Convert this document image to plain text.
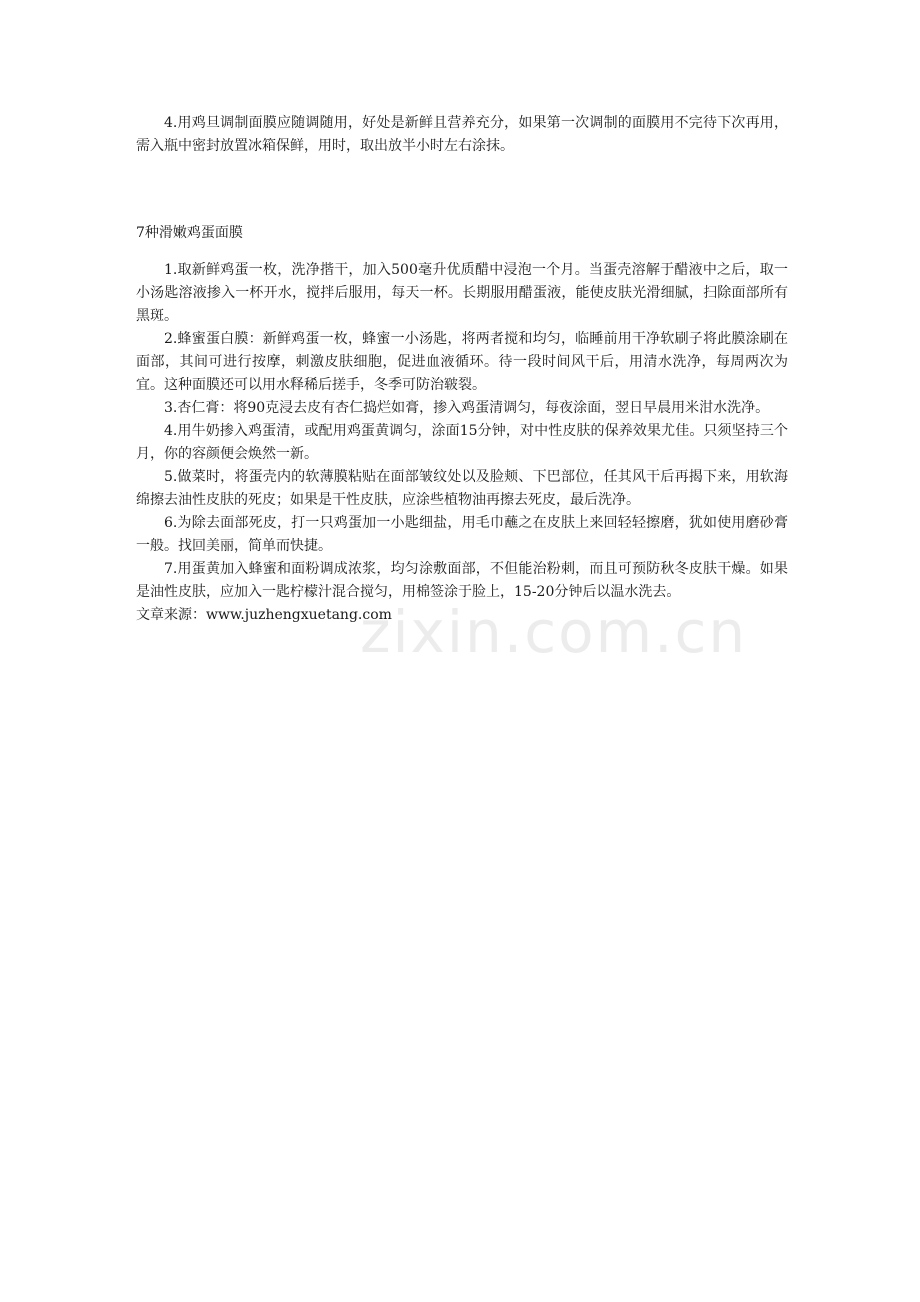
4.用鸡旦调制面膜应随调随用，好处是新鲜且营养充分，如果第一次调制的面膜用不完待下次再用，需入瓶中密封放置冰箱保鲜，用时，取出放半小时左右涂抹。

7种滑嫩鸡蛋面膜

1.取新鲜鸡蛋一枚，洗净揩干，加入500毫升优质醋中浸泡一个月。当蛋壳溶解于醋液中之后，取一小汤匙溶液掺入一杯开水，搅拌后服用，每天一杯。长期服用醋蛋液，能使皮肤光滑细腻，扫除面部所有黑斑。

2.蜂蜜蛋白膜：新鲜鸡蛋一枚，蜂蜜一小汤匙，将两者搅和均匀，临睡前用干净软刷子将此膜涂刷在面部，其间可进行按摩，刺激皮肤细胞，促进血液循环。待一段时间风干后，用清水洗净，每周两次为宜。这种面膜还可以用水释稀后搓手，冬季可防治皲裂。

3.杏仁膏：将90克浸去皮有杏仁捣烂如膏，掺入鸡蛋清调匀，每夜涂面，翌日早晨用米泔水洗净。

4.用牛奶掺入鸡蛋清，或配用鸡蛋黄调匀，涂面15分钟，对中性皮肤的保养效果尤佳。只须坚持三个月，你的容颜便会焕然一新。

5.做菜时，将蛋壳内的软薄膜粘贴在面部皱纹处以及脸颊、下巴部位，任其风干后再揭下来，用软海绵擦去油性皮肤的死皮；如果是干性皮肤，应涂些植物油再擦去死皮，最后洗净。

6.为除去面部死皮，打一只鸡蛋加一小匙细盐，用毛巾蘸之在皮肤上来回轻轻擦磨，犹如使用磨砂膏一般。找回美丽，简单而快捷。

7.用蛋黄加入蜂蜜和面粉调成浓浆，均匀涂敷面部，不但能治粉刺，而且可预防秋冬皮肤干燥。如果是油性皮肤，应加入一匙柠檬汁混合搅匀，用棉签涂于脸上，15-20分钟后以温水洗去。

文章来源：www.juzhengxuetang.com

zixin.com.cn
